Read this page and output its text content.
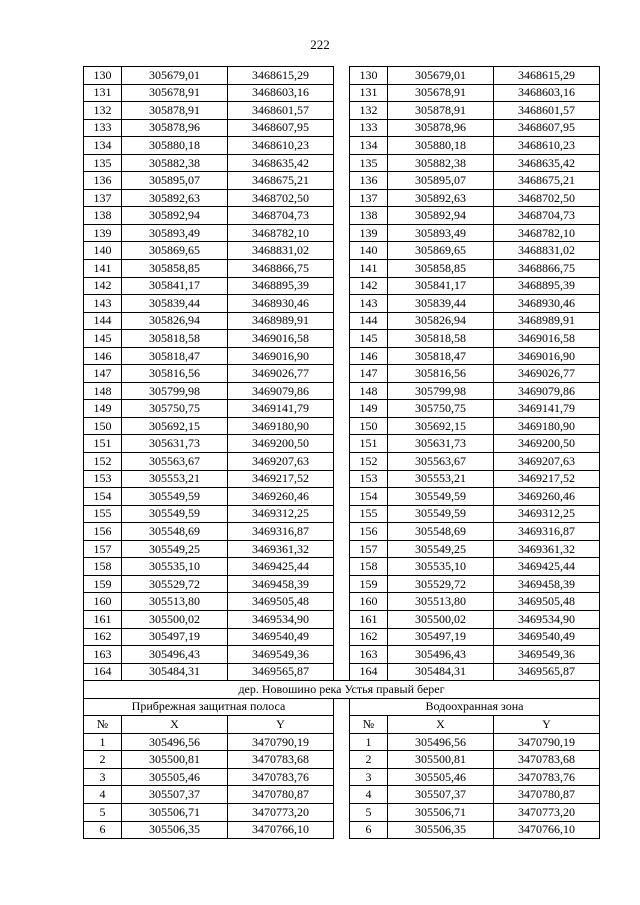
222
130	305679,01	3468615,29		130	305679,01	3468615,29
131	305678,91	3468603,16		131	305678,91	3468603,16
132	305878,91	3468601,57		132	305878,91	3468601,57
133	305878,96	3468607,95		133	305878,96	3468607,95
134	305880,18	3468610,23		134	305880,18	3468610,23
135	305882,38	3468635,42		135	305882,38	3468635,42
136	305895,07	3468675,21		136	305895,07	3468675,21
137	305892,63	3468702,50		137	305892,63	3468702,50
138	305892,94	3468704,73		138	305892,94	3468704,73
139	305893,49	3468782,10		139	305893,49	3468782,10
140	305869,65	3468831,02		140	305869,65	3468831,02
141	305858,85	3468866,75		141	305858,85	3468866,75
142	305841,17	3468895,39		142	305841,17	3468895,39
143	305839,44	3468930,46		143	305839,44	3468930,46
144	305826,94	3468989,91		144	305826,94	3468989,91
145	305818,58	3469016,58		145	305818,58	3469016,58
146	305818,47	3469016,90		146	305818,47	3469016,90
147	305816,56	3469026,77		147	305816,56	3469026,77
148	305799,98	3469079,86		148	305799,98	3469079,86
149	305750,75	3469141,79		149	305750,75	3469141,79
150	305692,15	3469180,90		150	305692,15	3469180,90
151	305631,73	3469200,50		151	305631,73	3469200,50
152	305563,67	3469207,63		152	305563,67	3469207,63
153	305553,21	3469217,52		153	305553,21	3469217,52
154	305549,59	3469260,46		154	305549,59	3469260,46
155	305549,59	3469312,25		155	305549,59	3469312,25
156	305548,69	3469316,87		156	305548,69	3469316,87
157	305549,25	3469361,32		157	305549,25	3469361,32
158	305535,10	3469425,44		158	305535,10	3469425,44
159	305529,72	3469458,39		159	305529,72	3469458,39
160	305513,80	3469505,48		160	305513,80	3469505,48
161	305500,02	3469534,90		161	305500,02	3469534,90
162	305497,19	3469540,49		162	305497,19	3469540,49
163	305496,43	3469549,36		163	305496,43	3469549,36
164	305484,31	3469565,87		164	305484,31	3469565,87
дер. Новошино река Устья правый берег						
Прибрежная защитная полоса				Водоохранная зона		
№	X	Y		№	X	Y
1	305496,56	3470790,19		1	305496,56	3470790,19
2	305500,81	3470783,68		2	305500,81	3470783,68
3	305505,46	3470783,76		3	305505,46	3470783,76
4	305507,37	3470780,87		4	305507,37	3470780,87
5	305506,71	3470773,20		5	305506,71	3470773,20
6	305506,35	3470766,10		6	305506,35	3470766,10
